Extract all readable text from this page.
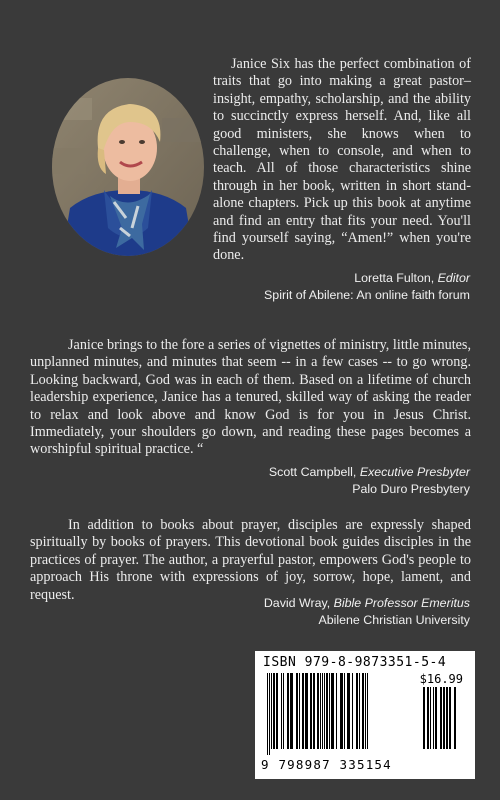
Janice Six has the perfect combination of traits that go into making a great pastor–insight, empathy, scholarship, and the ability to succinctly express herself. And, like all good ministers, she knows when to challenge, when to console, and when to teach. All of those characteristics shine through in her book, written in short stand-alone chapters. Pick up this book at anytime and find an entry that fits your need. You'll find yourself saying, “Amen!” when you're done.

Loretta Fulton, Editor
Spirit of Abilene: An online faith forum

Janice brings to the fore a series of vignettes of ministry, little minutes, unplanned minutes, and minutes that seem -- in a few cases -- to go wrong. Looking backward, God was in each of them. Based on a lifetime of church leadership experience, Janice has a tenured, skilled way of asking the reader to relax and look above and know God is for you in Jesus Christ. Immediately, your shoulders go down, and reading these pages becomes a worshipful spiritual practice. “

Scott Campbell, Executive Presbyter
Palo Duro Presbytery

In addition to books about prayer, disciples are expressly shaped spiritually by books of prayers. This devotional book guides disciples in the practices of prayer. The author, a prayerful pastor, empowers God's people to approach His throne with expressions of joy, sorrow, hope, lament, and request.

David Wray, Bible Professor Emeritus
Abilene Christian University
ISBN 979-8-9873351-5-4
$16.99
9 798987 335154
